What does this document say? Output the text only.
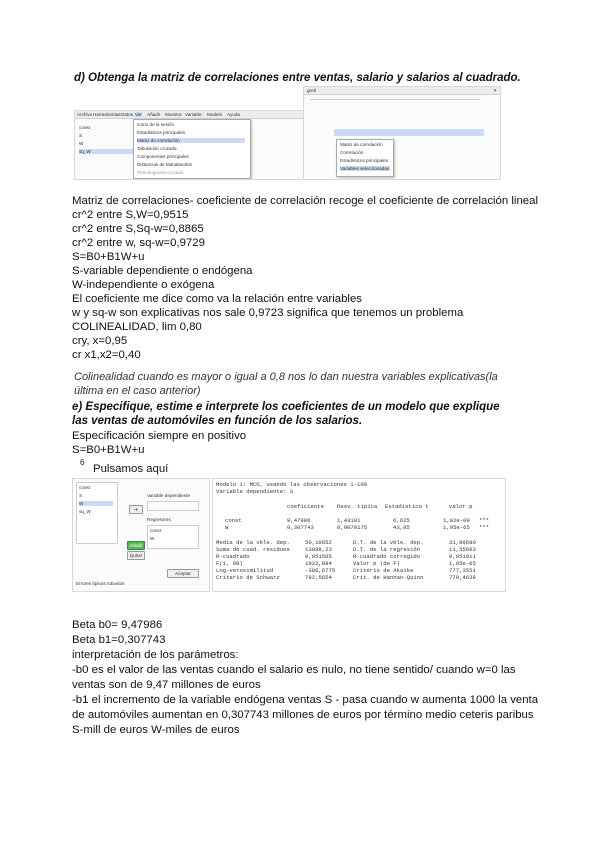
d) Obtenga la matriz de correlaciones entre ventas, salario y salarios al cuadrado.
Archivo Herramientas Datos Ver Añadir Muestra Variable Modelo Ayuda
const
S
W
sq_W
Icono de la sesión
Estadísticos principales
Matriz de correlación
Tabulación cruzada
Componentes principales
Distancias de Mahalanobis
Periodograma cruzado
gretl	✕
Matriz de correlación
Correlación
Estadísticos principales
Variables seleccionadas
Matriz de correlaciones- coeficiente de correlación recoge el coeficiente de correlación lineal
cr^2 entre S,W=0,9515
cr^2 entre S,Sq-w=0,8865
cr^2 entre w, sq-w=0,9729
S=B0+B1W+u
S-variable dependiente o endógena
W-independiente o exógena
El coeficiente me dice como va la relación entre variables
w y sq-w son explicativas nos sale 0,9723 significa que tenemos un problema
COLINEALIDAD, lim 0,80
cry, x=0,95
cr x1,x2=0,40
Colinealidad cuando es mayor o igual a 0,8 nos lo dan nuestra variables explicativas(la última en el caso anterior)
e) Especifique, estime e interprete los coeficientes de un modelo que explique las ventas de automóviles en función de los salarios.
Especificación siempre en positivo
S=B0+B1W+u
6
Pulsamos aquí
const
S
W
sq_W
Variable dependiente
➔
Regresores
const
W
Añadir
Quitar
Aceptar
Errores típicos robustos
Modelo 1: MCO, usando las observaciones 1-100
Variable dependiente: S
coeficiente Desv. típica Estadístico t	valor p
const	9,47986	1,43101	6,625	1,92e-09 ***
W	0,307743	0,0070175	43,85	1,95e-65 ***
Media de la vble. dep.	50,10652	D.T. de la vble. dep.	31,90680
Suma de cuad. residuos	13088,23	D.T. de la regresión	11,55663
R-cuadrado	0,951505	R-cuadrado corregido	0,951011
F(1, 98)	1922,884	Valor p (de F)	1,95e-65
Log-verosimilitud	-386,6775	Criterio de Akaike	777,3551
Criterio de Schwarz	782,5654	Crit. de Hannan-Quinn	779,4638
Beta b0= 9,47986
Beta b1=0,307743
interpretación de los parámetros:
-b0 es el valor de las ventas cuando el salario es nulo, no tiene sentido/ cuando w=0 las
ventas son de 9,47 millones de euros
-b1 el incremento de la variable endógena ventas S - pasa cuando w aumenta 1000 la venta
de automóviles aumentan en 0,307743 millones de euros por término medio ceteris paribus
S-mill de euros W-miles de euros
